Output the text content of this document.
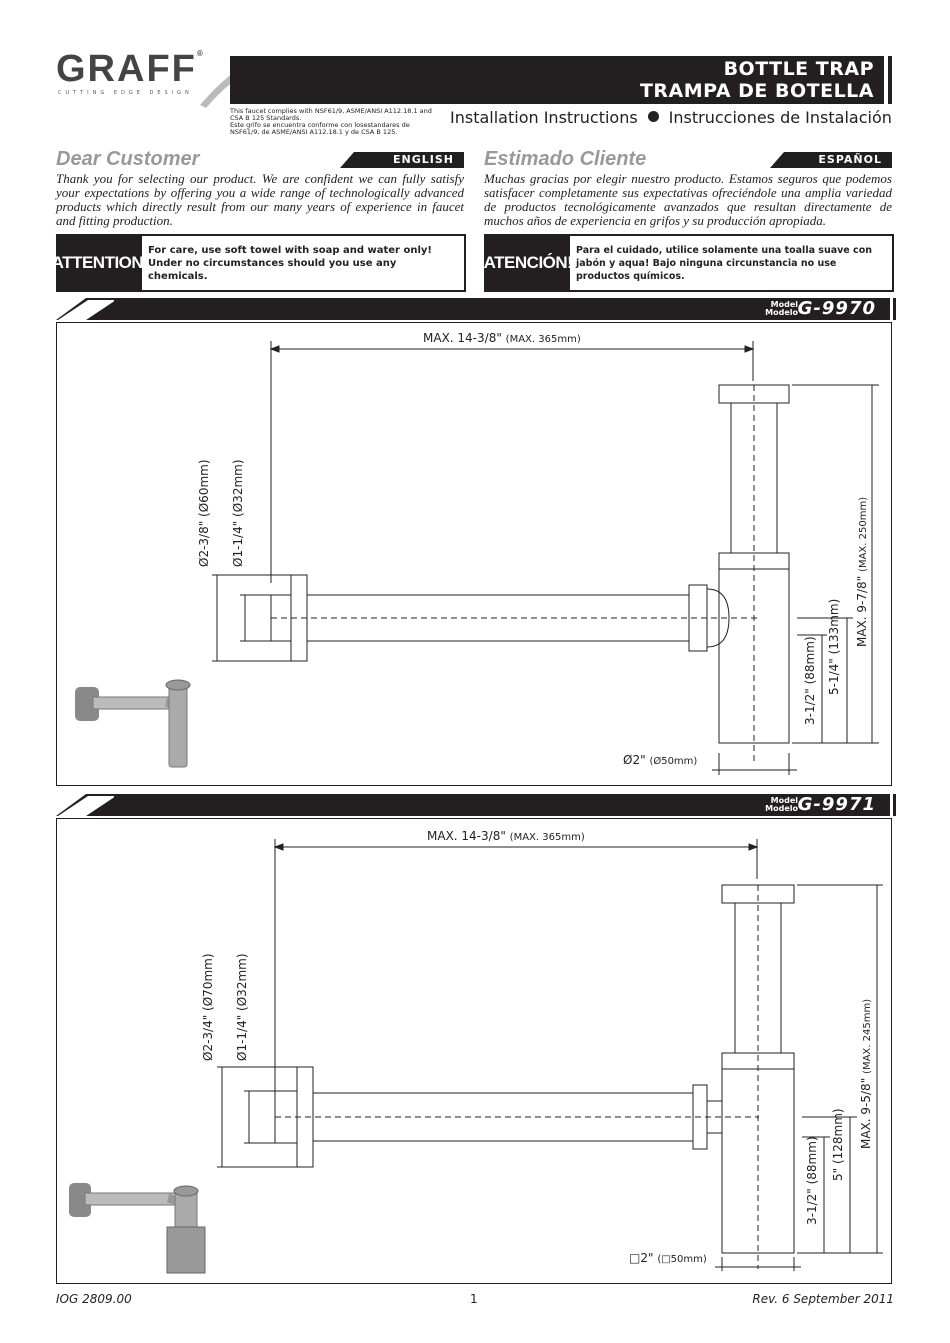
GRAFF®
CUTTING EDGE DESIGN
BOTTLE TRAP
TRAMPA DE BOTELLA
This faucet complies with NSF61/9, ASME/ANSI A112.18.1 and CSA B 125 Standards.
Este grifo se encuentra conforme con losestandares de NSF61/9, de ASME/ANSI A112.18.1 y de CSA B 125.
Installation Instructions Instrucciones de Instalación
Dear Customer	ENGLISH
Thank you for selecting our product. We are confident we can fully satisfy your expectations by offering you a wide range of technologically advanced products which directly result from our many years of experience in faucet and fitting production.
ATTENTION!
For care, use soft towel with soap and water only! Under no circumstances should you use any chemicals.
Estimado Cliente	ESPAÑOL
Muchas gracias por elegir nuestro producto. Estamos seguros que podemos satisfacer completamente sus expectativas ofreciéndole una amplia variedad de productos tecnológicamente avanzados que resultan directamente de muchos años de experiencia en grifos y su producción apropiada.
ATENCIÓN!
Para el cuidado, utilice solamente una toalla suave con jabón y aqua! Bajo ninguna circunstancia no use productos químicos.
Model
Modelo G-9970
MAX. 14-3/8" (MAX. 365mm)
Ø2-3/8" (Ø60mm) Ø1-1/4" (Ø32mm)
MAX. 9-7/8" (MAX. 250mm)
5-1/4" (133mm)
3-1/2" (88mm)
Ø2" (Ø50mm)
Model
Modelo G-9971
MAX. 14-3/8" (MAX. 365mm)
Ø2-3/4" (Ø70mm) Ø1-1/4" (Ø32mm)
MAX. 9-5/8" (MAX. 245mm)
5" (128mm)
3-1/2" (88mm)
□2" (□50mm)
IOG 2809.00	1	Rev. 6 September 2011
